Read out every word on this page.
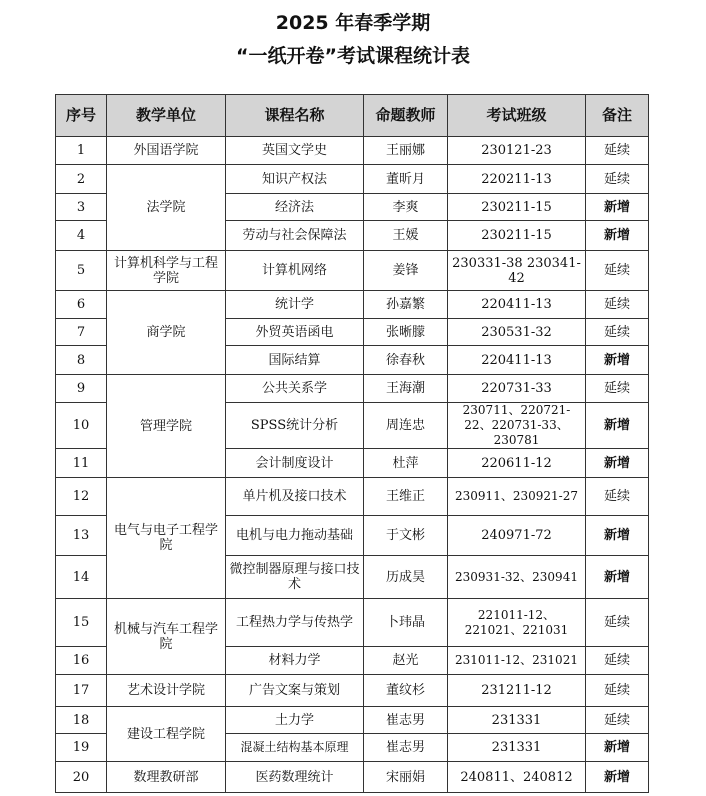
2025 年春季学期
“一纸开卷”考试课程统计表
序号	教学单位	课程名称	命题教师	考试班级	备注
1	外国语学院	英国文学史	王丽娜	230121-23	延续
2	法学院	知识产权法	董昕月	220211-13	延续
3		经济法	李爽	230211-15	新增
4		劳动与社会保障法	王媛	230211-15	新增
5	计算机科学与工程学院	计算机网络	姜锋	230331-38 230341-42	延续
6	商学院	统计学	孙嘉繁	220411-13	延续
7		外贸英语函电	张晰朦	230531-32	延续
8		国际结算	徐春秋	220411-13	新增
9	管理学院	公共关系学	王海潮	220731-33	延续
10		SPSS统计分析	周连忠	230711、220721-22、220731-33、230781	新增
11		会计制度设计	杜萍	220611-12	新增
12	电气与电子工程学院	单片机及接口技术	王维正	230911、230921-27	延续
13		电机与电力拖动基础	于文彬	240971-72	新增
14		微控制器原理与接口技术	历成昊	230931-32、230941	新增
15	机械与汽车工程学院	工程热力学与传热学	卜玮晶	221011-12、221021、221031	延续
16		材料力学	赵光	231011-12、231021	延续
17	艺术设计学院	广告文案与策划	董纹杉	231211-12	延续
18	建设工程学院	土力学	崔志男	231331	延续
19		混凝土结构基本原理	崔志男	231331	新增
20	数理教研部	医药数理统计	宋丽娟	240811、240812	新增
